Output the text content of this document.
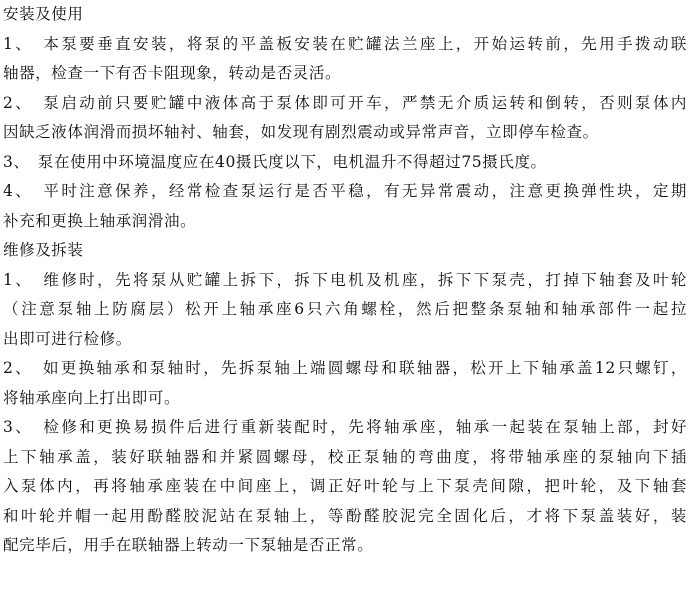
安装及使用
1、　本泵要垂直安装，将泵的平盖板安装在贮罐法兰座上，开始运转前，先用手拨动联
轴器，检查一下有否卡阻现象，转动是否灵活。
2、　泵启动前只要贮罐中液体高于泵体即可开车，严禁无介质运转和倒转，否则泵体内
因缺乏液体润滑而损坏轴衬、轴套，如发现有剧烈震动或异常声音，立即停车检查。
3、　泵在使用中环境温度应在40摄氏度以下，电机温升不得超过75摄氏度。
4、　平时注意保养，经常检查泵运行是否平稳，有无异常震动，注意更换弹性块，定期
补充和更换上轴承润滑油。
维修及拆装
1、　维修时，先将泵从贮罐上拆下，拆下电机及机座，拆下下泵壳，打掉下轴套及叶轮
（注意泵轴上防腐层）松开上轴承座6只六角螺栓，然后把整条泵轴和轴承部件一起拉
出即可进行检修。
2、　如更换轴承和泵轴时，先拆泵轴上端圆螺母和联轴器，松开上下轴承盖12只螺钉，
将轴承座向上打出即可。
3、　检修和更换易损件后进行重新装配时，先将轴承座，轴承一起装在泵轴上部，封好
上下轴承盖，装好联轴器和并紧圆螺母，校正泵轴的弯曲度，将带轴承座的泵轴向下插
入泵体内，再将轴承座装在中间座上，调正好叶轮与上下泵壳间隙，把叶轮，及下轴套
和叶轮并帽一起用酚醛胶泥站在泵轴上，等酚醛胶泥完全固化后，才将下泵盖装好，装
配完毕后，用手在联轴器上转动一下泵轴是否正常。
